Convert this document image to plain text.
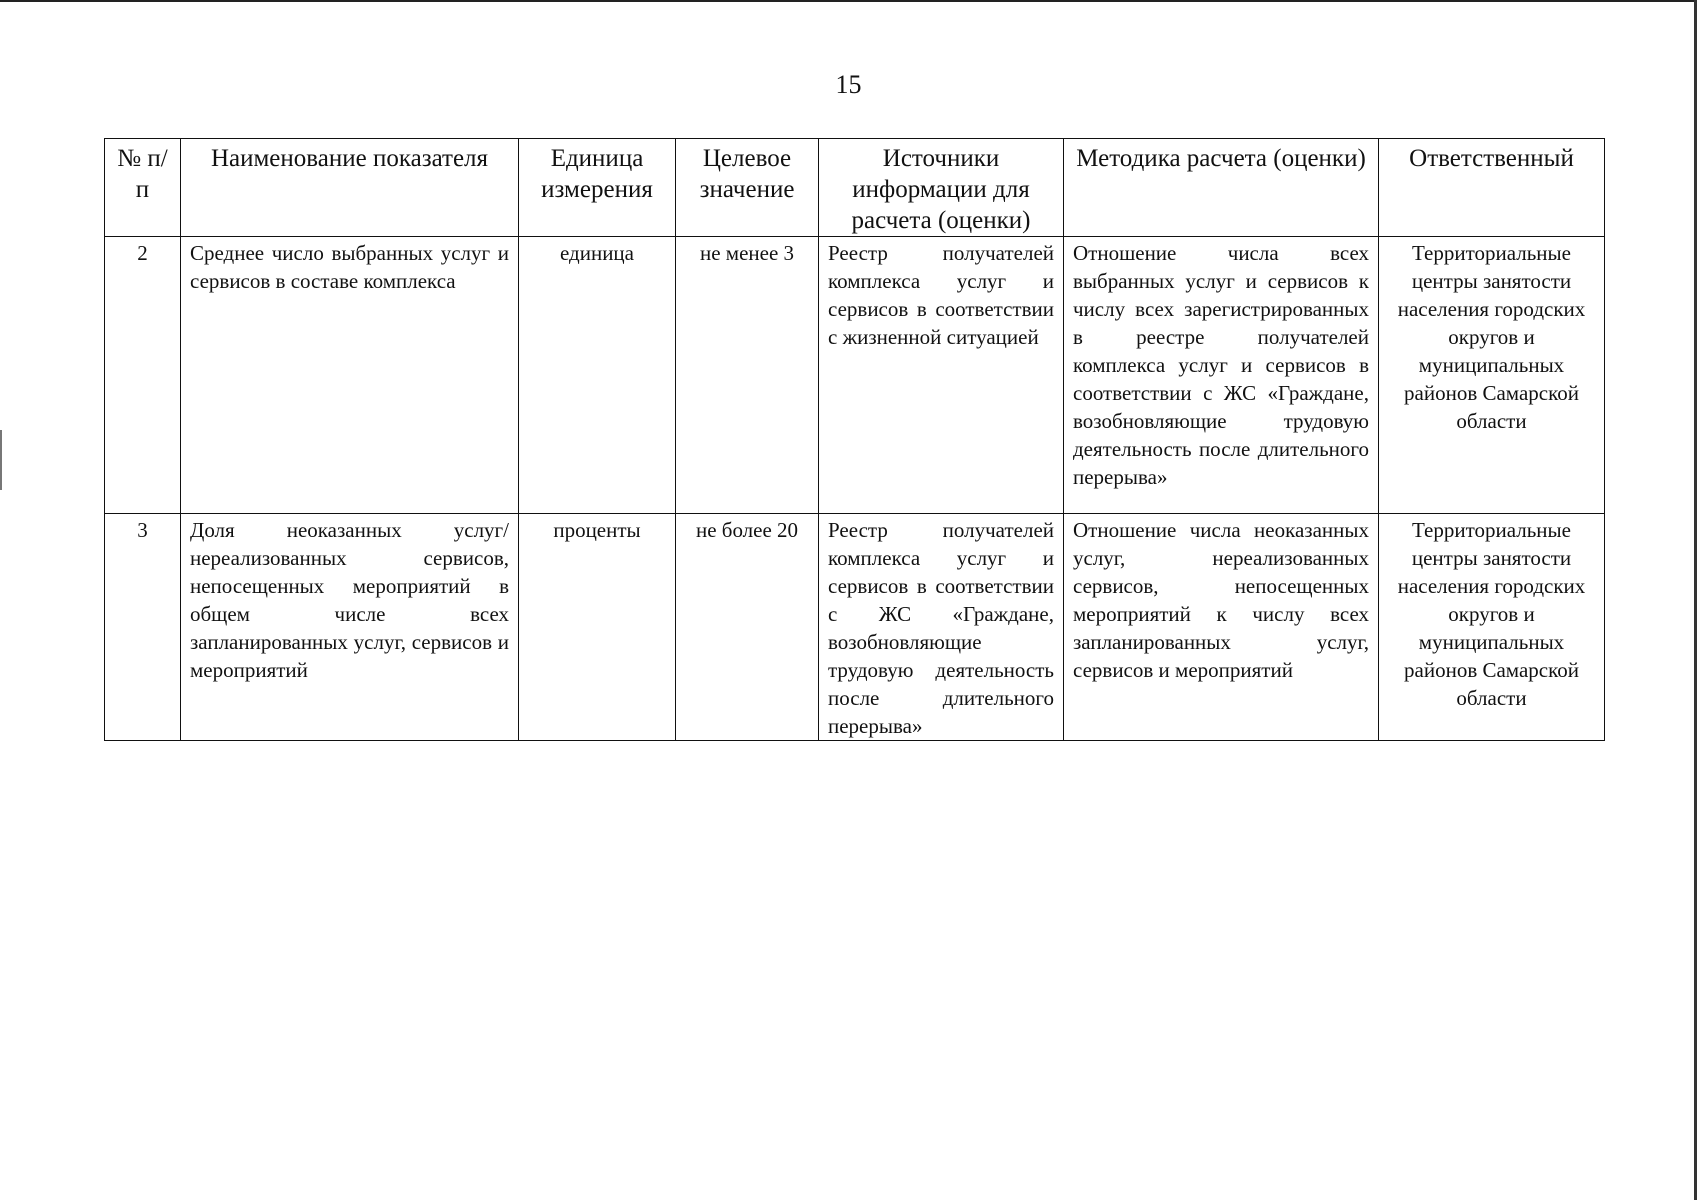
15
№ п/п	Наименование показателя	Единица измерения	Целевое значение	Источники информации для расчета (оценки)	Методика расчета (оценки)	Ответственный
2	Среднее число выбранных услуг и сервисов в составе комплекса	единица	не менее 3	Реестр получателей комплекса услуг и сервисов в соответствии с жизненной ситуацией	Отношение числа всех выбранных услуг и сервисов к числу всех зарегистрированных в реестре получателей комплекса услуг и сервисов в соответствии с ЖС «Граждане, возобновляющие трудовую деятельность после длительного перерыва»	Территориальные центры занятости населения городских округов и муниципальных районов Самарской области
3	Доля неоказанных услуг/ нереализованных сервисов, непосещенных мероприятий в общем числе всех запланированных услуг, сервисов и мероприятий	проценты	не более 20	Реестр получателей комплекса услуг и сервисов в соответствии с ЖС «Граждане, возобновляющие трудовую деятельность после длительного перерыва»	Отношение числа неоказанных услуг, нереализованных сервисов, непосещенных мероприятий к числу всех запланированных услуг, сервисов и мероприятий	Территориальные центры занятости населения городских округов и муниципальных районов Самарской области
